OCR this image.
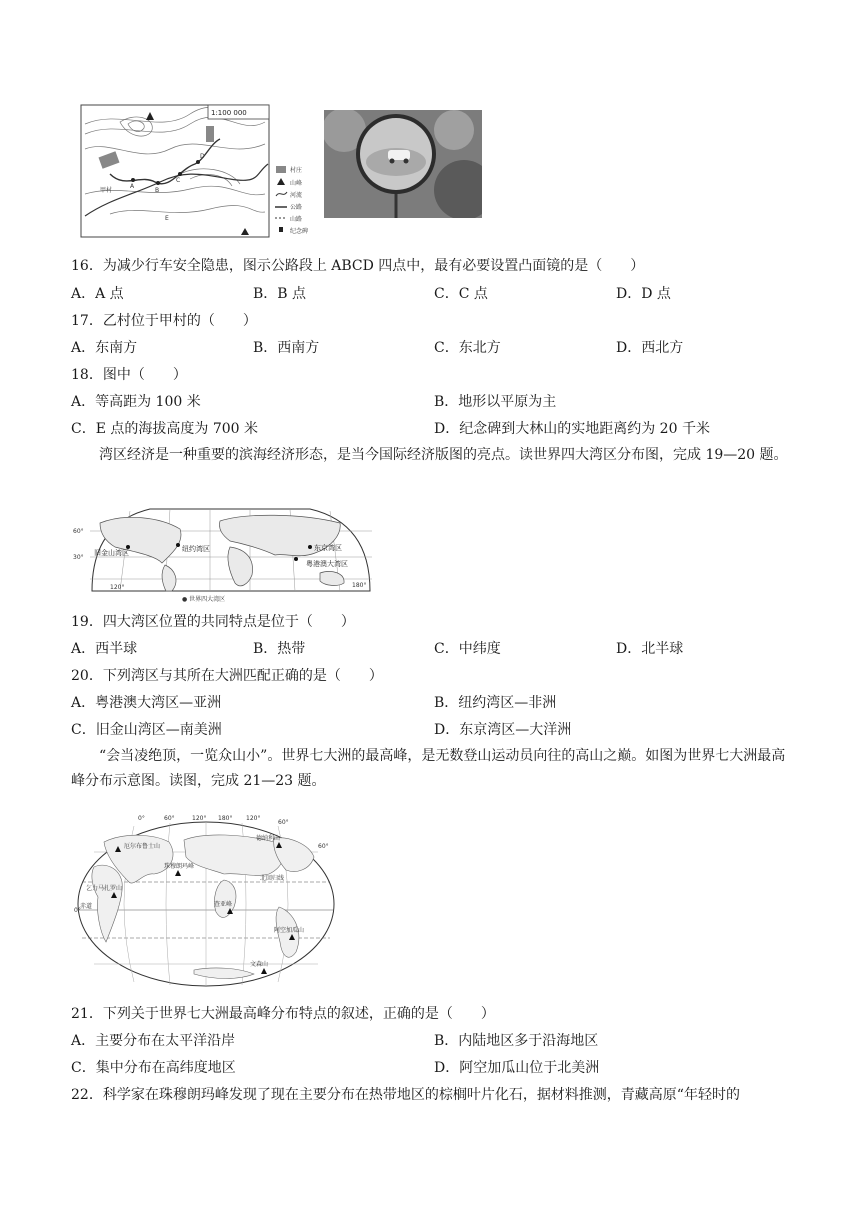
1:100 000
甲村
A
B
C
D
E
村庄
山峰
河流
公路
山路
纪念碑
16．为减少行车安全隐患，图示公路段上 ABCD 四点中，最有必要设置凸面镜的是（　　）
A．A 点	B．B 点	C．C 点	D．D 点
17．乙村位于甲村的（　　）
A．东南方	B．西南方	C．东北方	D．西北方
18．图中（　　）
A．等高距为 100 米	B．地形以平原为主
C．E 点的海拔高度为 700 米	D．纪念碑到大林山的实地距离约为 20 千米
湾区经济是一种重要的滨海经济形态，是当今国际经济版图的亮点。读世界四大湾区分布图，完成 19—20 题。
60°
30°
纽约湾区
旧金山湾区
东京湾区
粤港澳大湾区
120°	180°
● 世界四大湾区
19．四大湾区位置的共同特点是位于（　　）
A．西半球	B．热带	C．中纬度	D．北半球
20．下列湾区与其所在大洲匹配正确的是（　　）
A．粤港澳大湾区—亚洲	B．纽约湾区—非洲
C．旧金山湾区—南美洲	D．东京湾区—大洋洲
“会当凌绝顶，一览众山小”。世界七大洲的最高峰，是无数登山运动员向往的高山之巅。如图为世界七大洲最高峰分布示意图。读图，完成 21—23 题。
0°	60°	120° 180° 120°
60°
60°
0°
厄尔布鲁士山
德纳利山
珠穆朗玛峰
乞力马扎罗山
查亚峰
阿空加瓜山
文森山
北回归线
赤道
21．下列关于世界七大洲最高峰分布特点的叙述，正确的是（　　）
A．主要分布在太平洋沿岸	B．内陆地区多于沿海地区
C．集中分布在高纬度地区	D．阿空加瓜山位于北美洲
22．科学家在珠穆朗玛峰发现了现在主要分布在热带地区的棕榈叶片化石，据材料推测，青藏高原“年轻时的
